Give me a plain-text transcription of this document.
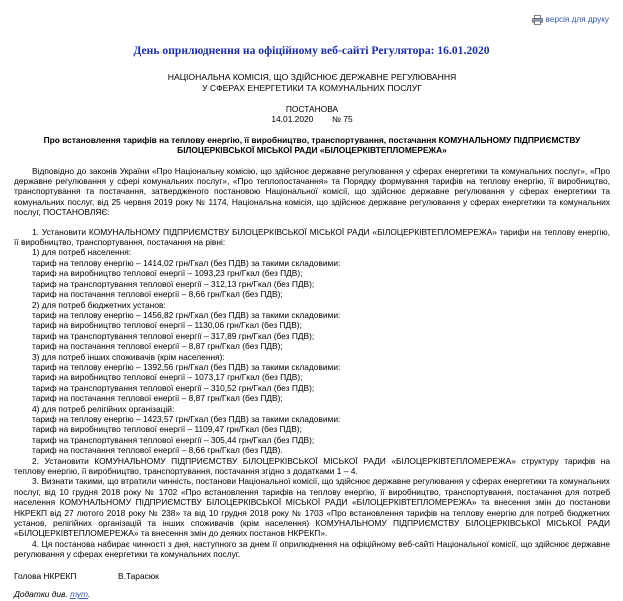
версія для друку
День оприлюднення на офіційному веб-сайті Регулятора: 16.01.2020

НАЦІОНАЛЬНА КОМІСІЯ, ЩО ЗДІЙСНЮЄ ДЕРЖАВНЕ РЕГУЛЮВАННЯ

У СФЕРАХ ЕНЕРГЕТИКИ ТА КОМУНАЛЬНИХ ПОСЛУГ

ПОСТАНОВА
14.01.2020 № 75
Про встановлення тарифів на теплову енергію, її виробництво, транспортування, постачання КОМУНАЛЬНОМУ ПІДПРИЄМСТВУ БІЛОЦЕРКІВСЬКОЇ МІСЬКОЇ РАДИ «БІЛОЦЕРКІВТЕПЛОМЕРЕЖА»

Відповідно до законів України «Про Національну комісію, що здійснює державне регулювання у сферах енергетики та комунальних послуг», «Про державне регулювання у сфері комунальних послуг», «Про теплопостачання» та Порядку формування тарифів на теплову енергію, її виробництво, транспортування та постачання, затвердженого постановою Національної комісії, що здійснює державне регулювання у сферах енергетики та комунальних послуг, від 25 червня 2019 року № 1174, Національна комісія, що здійснює державне регулювання у сферах енергетики та комунальних послуг, ПОСТАНОВЛЯЄ:

1. Установити КОМУНАЛЬНОМУ ПІДПРИЄМСТВУ БІЛОЦЕРКІВСЬКОЇ МІСЬКОЇ РАДИ «БІЛОЦЕРКІВТЕПЛОМЕРЕЖА» тарифи на теплову енергію, її виробництво, транспортування, постачання на рівні:

1) для потреб населення:

тариф на теплову енергію – 1414,02 грн/Гкал (без ПДВ) за такими складовими:

тариф на виробництво теплової енергії – 1093,23 грн/Гкал (без ПДВ);

тариф на транспортування теплової енергії – 312,13 грн/Гкал (без ПДВ);

тариф на постачання теплової енергії – 8,66 грн/Гкал (без ПДВ);

2) для потреб бюджетних установ:

тариф на теплову енергію – 1456,82 грн/Гкал (без ПДВ) за такими складовими:

тариф на виробництво теплової енергії – 1130,06 грн/Гкал (без ПДВ);

тариф на транспортування теплової енергії – 317,89 грн/Гкал (без ПДВ);

тариф на постачання теплової енергії – 8,87 грн/Гкал (без ПДВ);

3) для потреб інших споживачів (крім населення):

тариф на теплову енергію – 1392,56 грн/Гкал (без ПДВ) за такими складовими:

тариф на виробництво теплової енергії – 1073,17 грн/Гкал (без ПДВ);

тариф на транспортування теплової енергії – 310,52 грн/Гкал (без ПДВ);

тариф на постачання теплової енергії – 8,87 грн/Гкал (без ПДВ);

4) для потреб релігійних організацій:

тариф на теплову енергію – 1423,57 грн/Гкал (без ПДВ) за такими складовими:

тариф на виробництво теплової енергії – 1109,47 грн/Гкал (без ПДВ);

тариф на транспортування теплової енергії – 305,44 грн/Гкал (без ПДВ);

тариф на постачання теплової енергії – 8,66 грн/Гкал (без ПДВ).

2. Установити КОМУНАЛЬНОМУ ПІДПРИЄМСТВУ БІЛОЦЕРКІВСЬКОЇ МІСЬКОЇ РАДИ «БІЛОЦЕРКІВТЕПЛОМЕРЕЖА» структуру тарифів на теплову енергію, її виробництво, транспортування, постачання згідно з додатками 1 – 4.

3. Визнати такими, що втратили чинність, постанови Національної комісії, що здійснює державне регулювання у сферах енергетики та комунальних послуг, від 10 грудня 2018 року № 1702 «Про встановлення тарифів на теплову енергію, її виробництво, транспортування, постачання для потреб населення КОМУНАЛЬНОМУ ПІДПРИЄМСТВУ БІЛОЦЕРКІВСЬКОЇ МІСЬКОЇ РАДИ «БІЛОЦЕРКІВТЕПЛОМЕРЕЖА» та внесення змін до постанови НКРЕКП від 27 лютого 2018 року № 238» та від 10 грудня 2018 року № 1703 «Про встановлення тарифів на теплову енергію для потреб бюджетних установ, релігійних організацій та інших споживачів (крім населення) КОМУНАЛЬНОМУ ПІДПРИЄМСТВУ БІЛОЦЕРКІВСЬКОЇ МІСЬКОЇ РАДИ «БІЛОЦЕРКІВТЕПЛОМЕРЕЖА» та внесення змін до деяких постанов НКРЕКП».

4. Ця постанова набирає чинності з дня, наступного за днем її оприлюднення на офіційному веб-сайті Національної комісії, що здійснює державне регулювання у сферах енергетики та комунальних послуг.

Голова НКРЕКП	В.Тарасюк
Додатки див. тут.
